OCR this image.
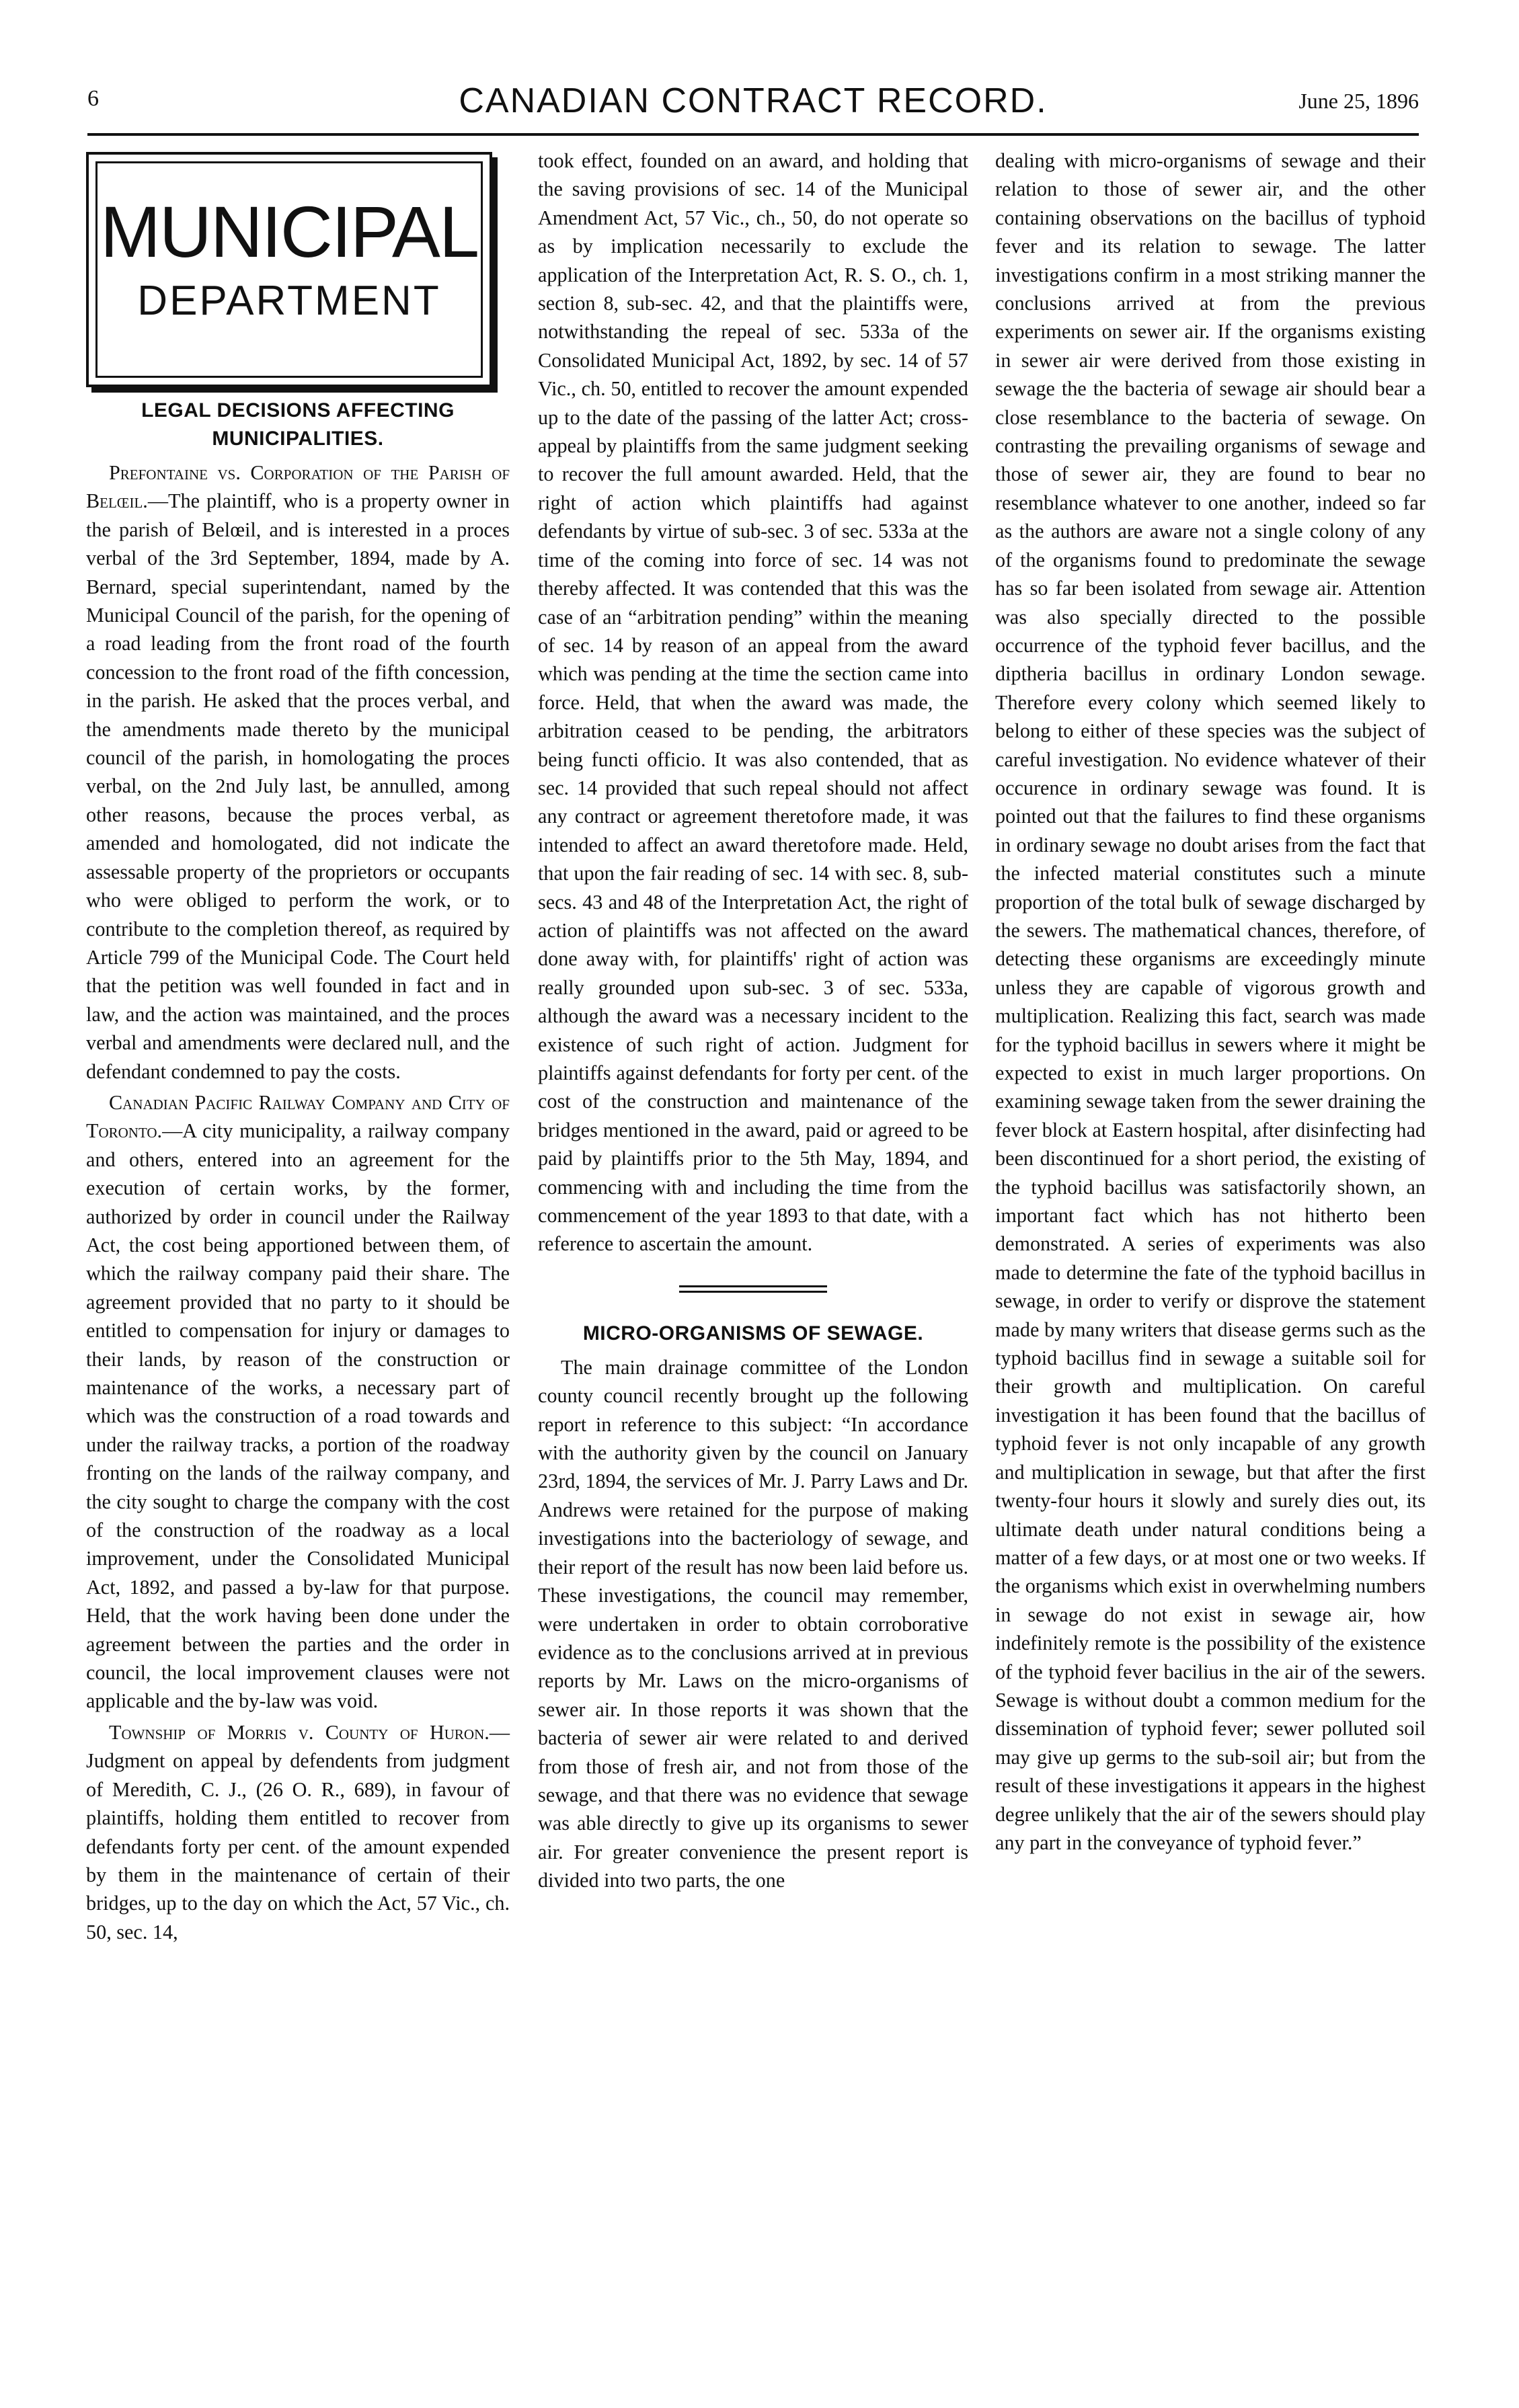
6	CANADIAN CONTRACT RECORD.	June 25, 1896
MUNICIPAL
DEPARTMENT
LEGAL DECISIONS AFFECTING MUNICIPALITIES.

Prefontaine vs. Corporation of the Parish of Belœil.—The plaintiff, who is a property owner in the parish of Belœil, and is interested in a proces verbal of the 3rd September, 1894, made by A. Bernard, special superintendant, named by the Municipal Council of the parish, for the opening of a road leading from the front road of the fourth concession to the front road of the fifth concession, in the parish. He asked that the proces verbal, and the amendments made thereto by the municipal council of the parish, in homologating the proces verbal, on the 2nd July last, be annulled, among other reasons, because the proces verbal, as amended and homologated, did not indicate the assessable property of the proprietors or occupants who were obliged to perform the work, or to contribute to the completion thereof, as required by Article 799 of the Municipal Code. The Court held that the petition was well founded in fact and in law, and the action was maintained, and the proces verbal and amendments were declared null, and the defendant condemned to pay the costs.

Canadian Pacific Railway Company and City of Toronto.—A city municipality, a railway company and others, entered into an agreement for the execution of certain works, by the former, authorized by order in council under the Railway Act, the cost being apportioned between them, of which the railway company paid their share. The agreement provided that no party to it should be entitled to compensation for injury or damages to their lands, by reason of the construction or maintenance of the works, a necessary part of which was the construction of a road towards and under the railway tracks, a portion of the roadway fronting on the lands of the railway company, and the city sought to charge the company with the cost of the construction of the roadway as a local improvement, under the Consolidated Municipal Act, 1892, and passed a by-law for that purpose. Held, that the work having been done under the agreement between the parties and the order in council, the local improvement clauses were not applicable and the by-law was void.

Township of Morris v. County of Huron.—Judgment on appeal by defendents from judgment of Meredith, C. J., (26 O. R., 689), in favour of plaintiffs, holding them entitled to recover from defendants forty per cent. of the amount expended by them in the maintenance of certain of their bridges, up to the day on which the Act, 57 Vic., ch. 50, sec. 14,

took effect, founded on an award, and holding that the saving provisions of sec. 14 of the Municipal Amendment Act, 57 Vic., ch., 50, do not operate so as by implication necessarily to exclude the application of the Interpretation Act, R. S. O., ch. 1, section 8, sub-sec. 42, and that the plaintiffs were, notwithstanding the repeal of sec. 533a of the Consolidated Municipal Act, 1892, by sec. 14 of 57 Vic., ch. 50, entitled to recover the amount expended up to the date of the passing of the latter Act; cross-appeal by plaintiffs from the same judgment seeking to recover the full amount awarded. Held, that the right of action which plaintiffs had against defendants by virtue of sub-sec. 3 of sec. 533a at the time of the coming into force of sec. 14 was not thereby affected. It was contended that this was the case of an “arbitration pending” within the meaning of sec. 14 by reason of an appeal from the award which was pending at the time the section came into force. Held, that when the award was made, the arbitration ceased to be pending, the arbitrators being functi officio. It was also contended, that as sec. 14 provided that such repeal should not affect any contract or agreement theretofore made, it was intended to affect an award theretofore made. Held, that upon the fair reading of sec. 14 with sec. 8, sub-secs. 43 and 48 of the Interpretation Act, the right of action of plaintiffs was not affected on the award done away with, for plaintiffs' right of action was really grounded upon sub-sec. 3 of sec. 533a, although the award was a necessary incident to the existence of such right of action. Judgment for plaintiffs against defendants for forty per cent. of the cost of the construction and maintenance of the bridges mentioned in the award, paid or agreed to be paid by plaintiffs prior to the 5th May, 1894, and commencing with and including the time from the commencement of the year 1893 to that date, with a reference to ascertain the amount.

MICRO-ORGANISMS OF SEWAGE.

The main drainage committee of the London county council recently brought up the following report in reference to this subject: “In accordance with the authority given by the council on January 23rd, 1894, the services of Mr. J. Parry Laws and Dr. Andrews were retained for the purpose of making investigations into the bacteriology of sewage, and their report of the result has now been laid before us. These investigations, the council may remember, were undertaken in order to obtain corroborative evidence as to the conclusions arrived at in previous reports by Mr. Laws on the micro-organisms of sewer air. In those reports it was shown that the bacteria of sewer air were related to and derived from those of fresh air, and not from those of the sewage, and that there was no evidence that sewage was able directly to give up its organisms to sewer air. For greater convenience the present report is divided into two parts, the one

dealing with micro-organisms of sewage and their relation to those of sewer air, and the other containing observations on the bacillus of typhoid fever and its relation to sewage. The latter investigations confirm in a most striking manner the conclusions arrived at from the previous experiments on sewer air. If the organisms existing in sewer air were derived from those existing in sewage the the bacteria of sewage air should bear a close resemblance to the bacteria of sewage. On contrasting the prevailing organisms of sewage and those of sewer air, they are found to bear no resemblance whatever to one another, indeed so far as the authors are aware not a single colony of any of the organisms found to predominate the sewage has so far been isolated from sewage air. Attention was also specially directed to the possible occurrence of the typhoid fever bacillus, and the diptheria bacillus in ordinary London sewage. Therefore every colony which seemed likely to belong to either of these species was the subject of careful investigation. No evidence whatever of their occurence in ordinary sewage was found. It is pointed out that the failures to find these organisms in ordinary sewage no doubt arises from the fact that the infected material constitutes such a minute proportion of the total bulk of sewage discharged by the sewers. The mathematical chances, therefore, of detecting these organisms are exceedingly minute unless they are capable of vigorous growth and multiplication. Realizing this fact, search was made for the typhoid bacillus in sewers where it might be expected to exist in much larger proportions. On examining sewage taken from the sewer draining the fever block at Eastern hospital, after disinfecting had been discontinued for a short period, the existing of the typhoid bacillus was satisfactorily shown, an important fact which has not hitherto been demonstrated. A series of experiments was also made to determine the fate of the typhoid bacillus in sewage, in order to verify or disprove the statement made by many writers that disease germs such as the typhoid bacillus find in sewage a suitable soil for their growth and multiplication. On careful investigation it has been found that the bacillus of typhoid fever is not only incapable of any growth and multiplication in sewage, but that after the first twenty-four hours it slowly and surely dies out, its ultimate death under natural conditions being a matter of a few days, or at most one or two weeks. If the organisms which exist in overwhelming numbers in sewage do not exist in sewage air, how indefinitely remote is the possibility of the existence of the typhoid fever bacilius in the air of the sewers. Sewage is without doubt a common medium for the dissemination of typhoid fever; sewer polluted soil may give up germs to the sub-soil air; but from the result of these investigations it appears in the highest degree unlikely that the air of the sewers should play any part in the conveyance of typhoid fever.”
